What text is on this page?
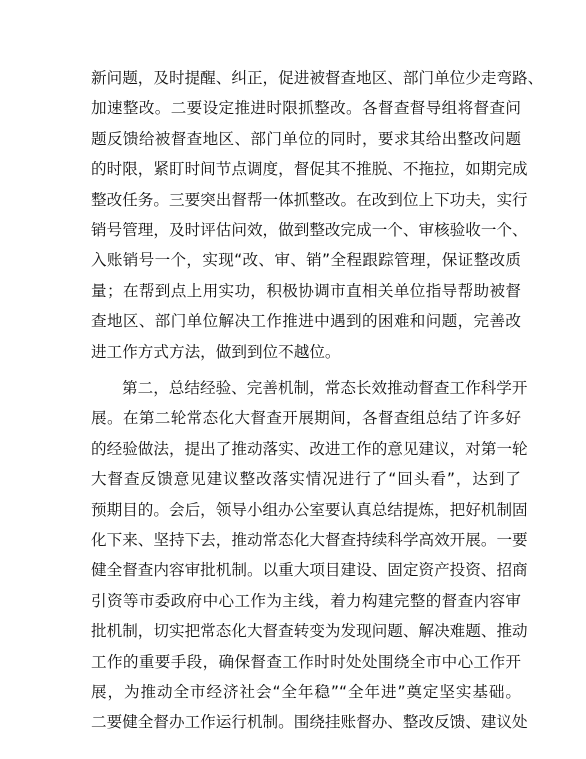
新问题，及时提醒、纠正，促进被督查地区、部门单位少走弯路、
加速整改。二要设定推进时限抓整改。各督查督导组将督查问
题反馈给被督查地区、部门单位的同时，要求其给出整改问题
的时限，紧盯时间节点调度，督促其不推脱、不拖拉，如期完成
整改任务。三要突出督帮一体抓整改。在改到位上下功夫，实行
销号管理，及时评估问效，做到整改完成一个、审核验收一个、
入账销号一个，实现“改、审、销”全程跟踪管理，保证整改质
量；在帮到点上用实功，积极协调市直相关单位指导帮助被督
查地区、部门单位解决工作推进中遇到的困难和问题，完善改
进工作方式方法，做到到位不越位。
第二，总结经验、完善机制，常态长效推动督查工作科学开
展。在第二轮常态化大督查开展期间，各督查组总结了许多好
的经验做法，提出了推动落实、改进工作的意见建议，对第一轮
大督查反馈意见建议整改落实情况进行了“回头看”，达到了
预期目的。会后，领导小组办公室要认真总结提炼，把好机制固
化下来、坚持下去，推动常态化大督查持续科学高效开展。一要
健全督查内容审批机制。以重大项目建设、固定资产投资、招商
引资等市委政府中心工作为主线，着力构建完整的督查内容审
批机制，切实把常态化大督查转变为发现问题、解决难题、推动
工作的重要手段，确保督查工作时时处处围绕全市中心工作开
展，为推动全市经济社会“全年稳”“全年进”奠定坚实基础。
二要健全督办工作运行机制。围绕挂账督办、整改反馈、建议处
